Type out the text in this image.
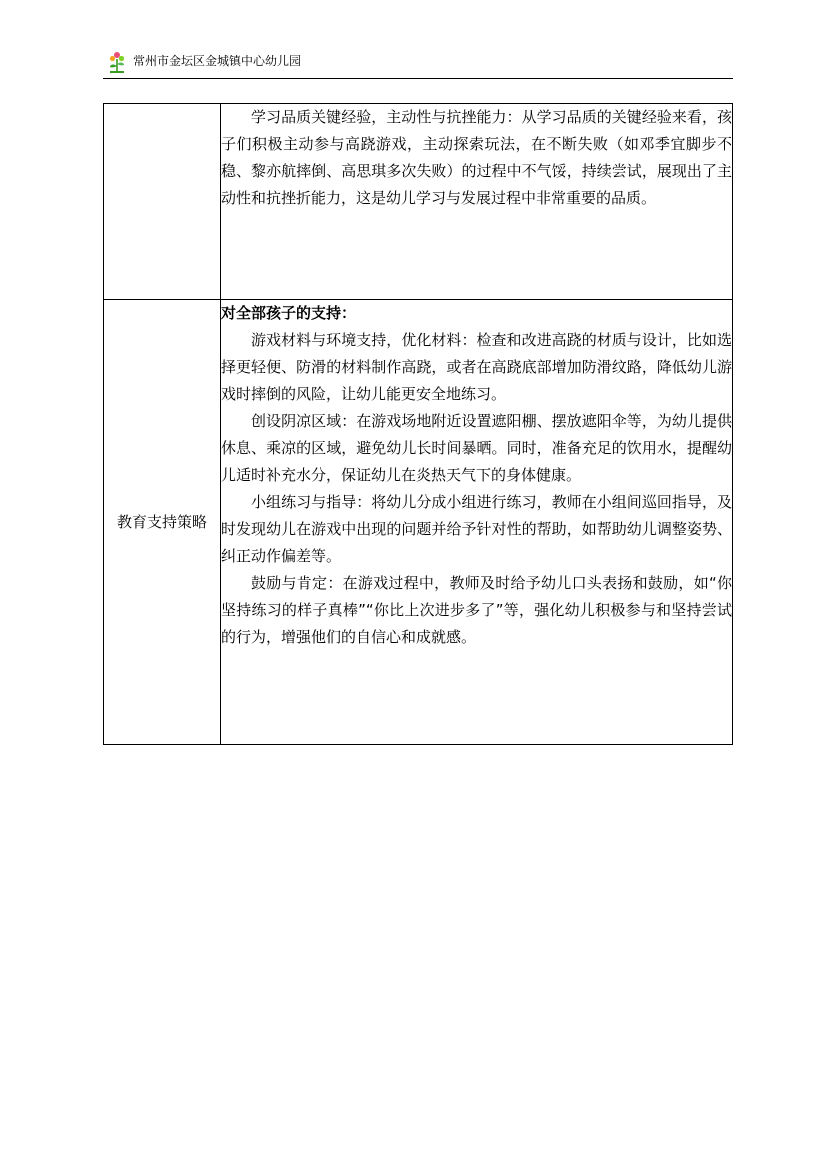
常州市金坛区金城镇中心幼儿园

	学习品质关键经验，主动性与抗挫能力：从学习品质的关键经验来看，孩子们积极主动参与高跷游戏，主动探索玩法，在不断失败（如邓季宜脚步不稳、黎亦航摔倒、高思琪多次失败）的过程中不气馁，持续尝试，展现出了主动性和抗挫折能力，这是幼儿学习与发展过程中非常重要的品质。

教育支持策略	对全部孩子的支持：

游戏材料与环境支持，优化材料：检查和改进高跷的材质与设计，比如选择更轻便、防滑的材料制作高跷，或者在高跷底部增加防滑纹路，降低幼儿游戏时摔倒的风险，让幼儿能更安全地练习。

创设阴凉区域：在游戏场地附近设置遮阳棚、摆放遮阳伞等，为幼儿提供休息、乘凉的区域，避免幼儿长时间暴晒。同时，准备充足的饮用水，提醒幼儿适时补充水分，保证幼儿在炎热天气下的身体健康。

小组练习与指导：将幼儿分成小组进行练习，教师在小组间巡回指导，及时发现幼儿在游戏中出现的问题并给予针对性的帮助，如帮助幼儿调整姿势、纠正动作偏差等。

鼓励与肯定：在游戏过程中，教师及时给予幼儿口头表扬和鼓励，如“你坚持练习的样子真棒”“你比上次进步多了”等，强化幼儿积极参与和坚持尝试的行为，增强他们的自信心和成就感。
